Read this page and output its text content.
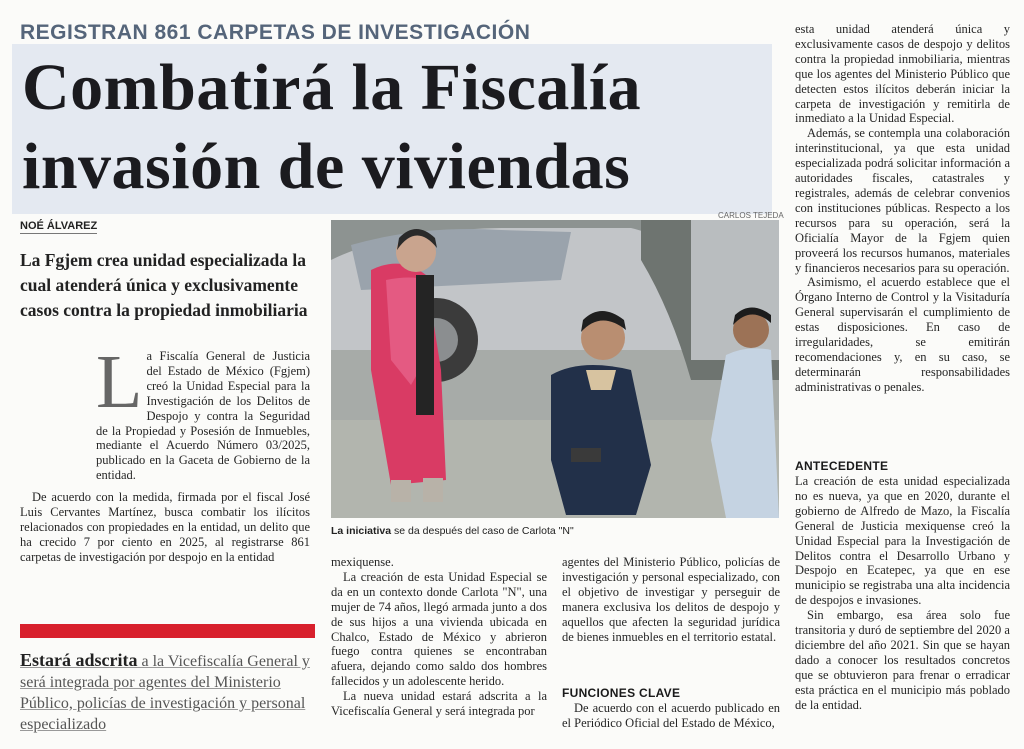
REGISTRAN 861 CARPETAS DE INVESTIGACIÓN
Combatirá la Fiscalía
invasión de viviendas
NOÉ ÁLVAREZ
CARLOS TEJEDA
La Fgjem crea unidad especializada la cual atenderá única y exclusivamente casos contra la propiedad inmobiliaria

La Fiscalía General de Justicia del Estado de México (Fgjem) creó la Unidad Especial para la Investigación de los Delitos de Despojo y contra la Seguridad de la Propiedad y Posesión de Inmuebles, mediante el Acuerdo Número 03/2025, publicado en la Gaceta de Gobierno de la entidad.

De acuerdo con la medida, firmada por el fiscal José Luis Cervantes Martínez, busca combatir los ilícitos relacionados con propiedades en la entidad, un delito que ha crecido 7 por ciento en 2025, al registrarse 861 carpetas de investigación por despojo en la entidad

Estará adscrita a la Vicefiscalía General y será integrada por agentes del Ministerio Público, policías de investigación y personal especializado
La iniciativa se da después del caso de Carlota "N"

mexiquense.

La creación de esta Unidad Especial se da en un contexto donde Carlota "N", una mujer de 74 años, llegó armada junto a dos de sus hijos a una vivienda ubicada en Chalco, Estado de México y abrieron fuego contra quienes se encontraban afuera, dejando como saldo dos hombres fallecidos y un adolescente herido.

La nueva unidad estará adscrita a la Vicefiscalía General y será integrada por

agentes del Ministerio Público, policías de investigación y personal especializado, con el objetivo de investigar y perseguir de manera exclusiva los delitos de despojo y aquellos que afecten la seguridad jurídica de bienes inmuebles en el territorio estatal.

FUNCIONES CLAVE

De acuerdo con el acuerdo publicado en el Periódico Oficial del Estado de México,

esta unidad atenderá única y exclusivamente casos de despojo y delitos contra la propiedad inmobiliaria, mientras que los agentes del Ministerio Público que detecten estos ilícitos deberán iniciar la carpeta de investigación y remitirla de inmediato a la Unidad Especial.

Además, se contempla una colaboración interinstitucional, ya que esta unidad especializada podrá solicitar información a autoridades fiscales, catastrales y registrales, además de celebrar convenios con instituciones públicas. Respecto a los recursos para su operación, será la Oficialía Mayor de la Fgjem quien proveerá los recursos humanos, materiales y financieros necesarios para su operación.

Asimismo, el acuerdo establece que el Órgano Interno de Control y la Visitaduría General supervisarán el cumplimiento de estas disposiciones. En caso de irregularidades, se emitirán recomendaciones y, en su caso, se determinarán responsabilidades administrativas o penales.

ANTECEDENTE

La creación de esta unidad especializada no es nueva, ya que en 2020, durante el gobierno de Alfredo de Mazo, la Fiscalía General de Justicia mexiquense creó la Unidad Especial para la Investigación de Delitos contra el Desarrollo Urbano y Despojo en Ecatepec, ya que en ese municipio se registraba una alta incidencia de despojos e invasiones.

Sin embargo, esa área solo fue transitoria y duró de septiembre del 2020 a diciembre del año 2021. Sin que se hayan dado a conocer los resultados concretos que se obtuvieron para frenar o erradicar esta práctica en el municipio más poblado de la entidad.
